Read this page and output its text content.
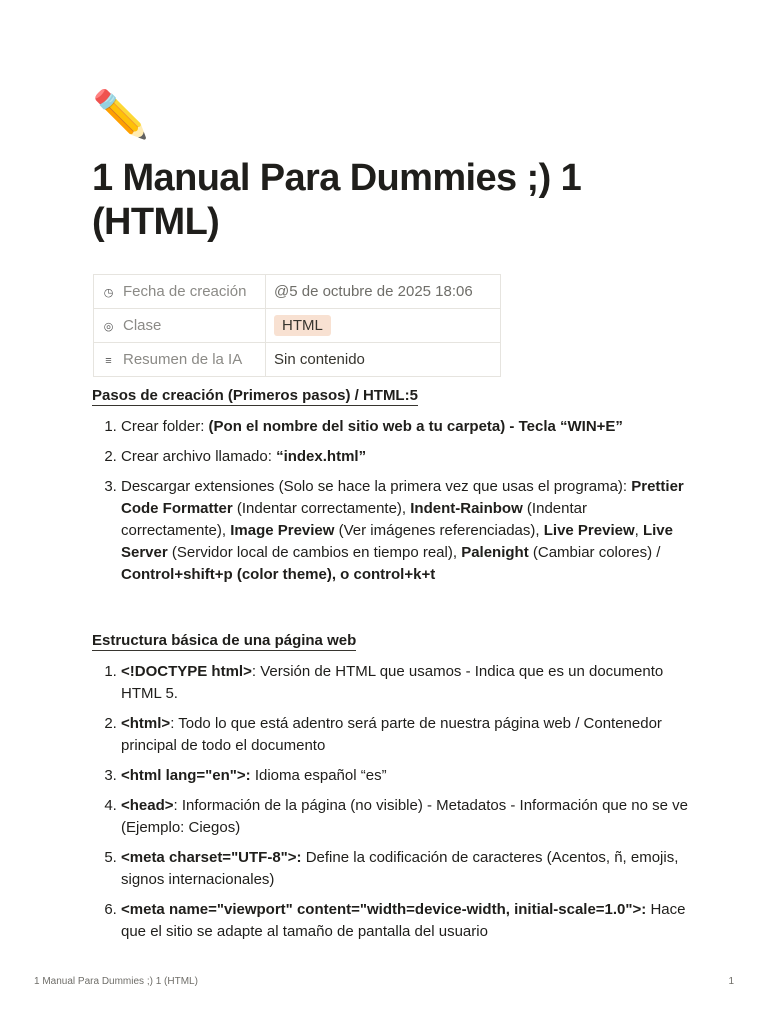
✏️
1 Manual Para Dummies ;) 1 (HTML)
◷ Fecha de creación	@5 de octubre de 2025 18:06
◎ Clase	HTML
≡ Resumen de la IA	Sin contenido
Pasos de creación (Primeros pasos) / HTML:5
1. Crear folder: (Pon el nombre del sitio web a tu carpeta) - Tecla “WIN+E”
2. Crear archivo llamado: “index.html”
3. Descargar extensiones (Solo se hace la primera vez que usas el programa): Prettier Code Formatter (Indentar correctamente), Indent-Rainbow (Indentar correctamente), Image Preview (Ver imágenes referenciadas), Live Preview, Live Server (Servidor local de cambios en tiempo real), Palenight (Cambiar colores) / Control+shift+p (color theme), o control+k+t
Estructura básica de una página web
1. <!DOCTYPE html>: Versión de HTML que usamos - Indica que es un documento HTML 5.
2. <html>: Todo lo que está adentro será parte de nuestra página web / Contenedor principal de todo el documento
3. <html lang="en">: Idioma español “es”
4. <head>: Información de la página (no visible) - Metadatos - Información que no se ve (Ejemplo: Ciegos)
5. <meta charset="UTF-8">: Define la codificación de caracteres (Acentos, ñ, emojis, signos internacionales)
6. <meta name="viewport" content="width=device-width, initial-scale=1.0">: Hace que el sitio se adapte al tamaño de pantalla del usuario
1 Manual Para Dummies ;) 1 (HTML)	1
